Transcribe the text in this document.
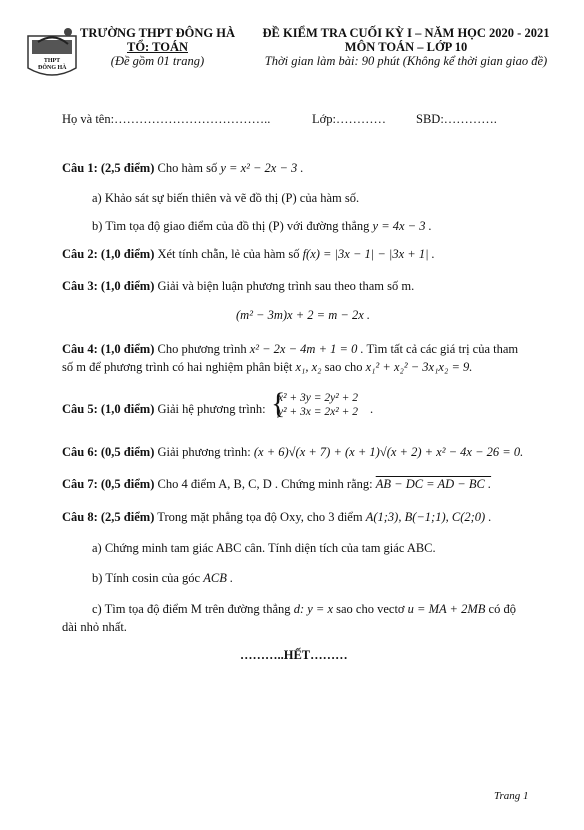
THPT
ĐÔNG HÀ
TRƯỜNG THPT ĐÔNG HÀ
TỔ: TOÁN
(Đề gồm 01 trang)
ĐỀ KIỂM TRA CUỐI KỲ I – NĂM HỌC 2020 - 2021
MÔN TOÁN – LỚP 10
Thời gian làm bài: 90 phút (Không kể thời gian giao đề)
Họ và tên:………………………………..	Lớp:………… SBD:………….
Câu 1: (2,5 điểm) Cho hàm số y = x² − 2x − 3 .
a) Khảo sát sự biến thiên và vẽ đồ thị (P) của hàm số.
b) Tìm tọa độ giao điểm của đồ thị (P) với đường thẳng y = 4x − 3 .
Câu 2: (1,0 điểm) Xét tính chẵn, lẻ của hàm số f(x) = |3x − 1| − |3x + 1| .
Câu 3: (1,0 điểm) Giải và biện luận phương trình sau theo tham số m.
(m² − 3m)x + 2 = m − 2x .
Câu 4: (1,0 điểm) Cho phương trình x² − 2x − 4m + 1 = 0 . Tìm tất cả các giá trị của tham
số m để phương trình có hai nghiệm phân biệt x₁, x₂ sao cho x₁² + x₂² − 3x₁x₂ = 9.
Câu 5: (1,0 điểm) Giải hệ phương trình: {
x² + 3y = 2y² + 2
y² + 3x = 2x² + 2 .
Câu 6: (0,5 điểm) Giải phương trình: (x + 6)√(x + 7) + (x + 1)√(x + 2) + x² − 4x − 26 = 0.
Câu 7: (0,5 điểm) Cho 4 điểm A, B, C, D . Chứng minh rằng: AB − DC = AD − BC .
Câu 8: (2,5 điểm) Trong mặt phẳng tọa độ Oxy, cho 3 điểm A(1;3), B(−1;1), C(2;0) .
a) Chứng minh tam giác ABC cân. Tính diện tích của tam giác ABC.
b) Tính cosin của góc ACB .
c) Tìm tọa độ điểm M trên đường thẳng d: y = x sao cho vectơ u = MA + 2MB có độ
dài nhỏ nhất.
………..HẾT………
Trang 1
